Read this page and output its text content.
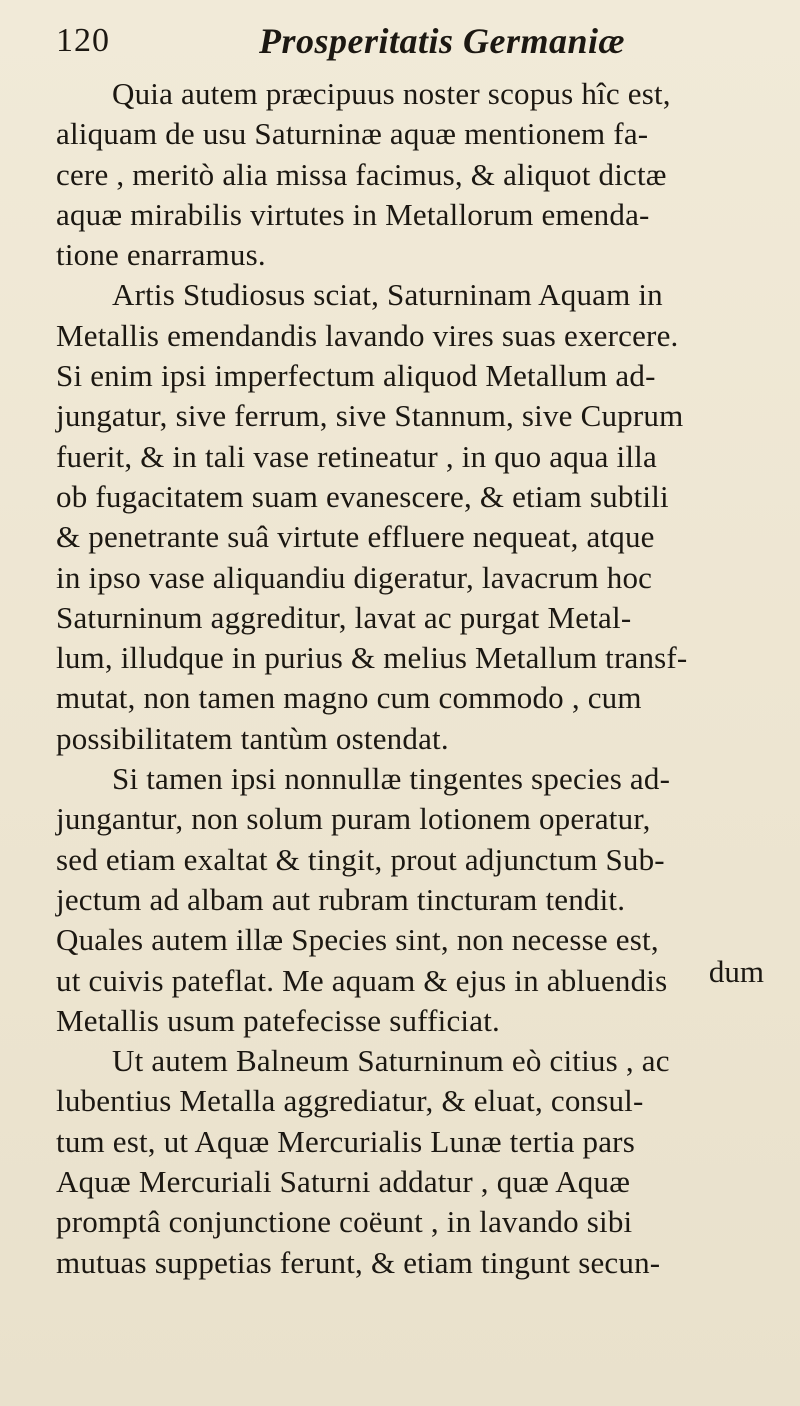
120	Prosperitatis Germaniæ
Quia autem præcipuus noster scopus hîc est,
aliquam de usu Saturninæ aquæ mentionem fa-
cere , meritò alia missa facimus, & aliquot dictæ
aquæ mirabilis virtutes in Metallorum emenda-
tione enarramus.
Artis Studiosus sciat, Saturninam Aquam in
Metallis emendandis lavando vires suas exercere.
Si enim ipsi imperfectum aliquod Metallum ad-
jungatur, sive ferrum, sive Stannum, sive Cuprum
fuerit, & in tali vase retineatur , in quo aqua illa
ob fugacitatem suam evanescere, & etiam subtili
& penetrante suâ virtute effluere nequeat, atque
in ipso vase aliquandiu digeratur, lavacrum hoc
Saturninum aggreditur, lavat ac purgat Metal-
lum, illudque in purius & melius Metallum transf-
mutat, non tamen magno cum commodo , cum
possibilitatem tantùm ostendat.
Si tamen ipsi nonnullæ tingentes species ad-
jungantur, non solum puram lotionem operatur,
sed etiam exaltat & tingit, prout adjunctum Sub-
jectum ad albam aut rubram tincturam tendit.
Quales autem illæ Species sint, non necesse est,
ut cuivis pateflat. Me aquam & ejus in abluendis
Metallis usum patefecisse sufficiat.
Ut autem Balneum Saturninum eò citius , ac
lubentius Metalla aggrediatur, & eluat, consul-
tum est, ut Aquæ Mercurialis Lunæ tertia pars
Aquæ Mercuriali Saturni addatur , quæ Aquæ
promptâ conjunctione coëunt , in lavando sibi
mutuas suppetias ferunt, & etiam tingunt secun-
dum
